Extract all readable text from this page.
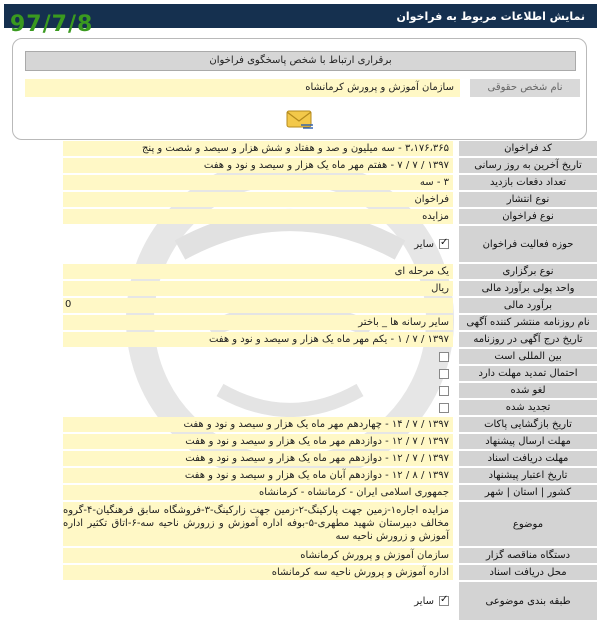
نمایش اطلاعات مربوط به فراخوان
97/7/8
برقراری ارتباط با شخص پاسخگوی فراخوان
نام شخص حقوقی
سازمان آموزش و پرورش کرمانشاه
کد فراخوان
۳،۱۷۶،۳۶۵ - سه میلیون و صد و هفتاد و شش هزار و سیصد و شصت و پنج
تاریخ آخرین به روز رسانی
۱۳۹۷ / ۷ / ۷ - هفتم مهر ماه یک هزار و سیصد و نود و هفت
تعداد دفعات بازدید
۳ - سه
نوع انتشار
فراخوان
نوع فراخوان
مزایده
حوزه فعالیت فراخوان
✓
سایر
نوع برگزاری
یک مرحله ای
واحد پولی برآورد مالی
ریال
برآورد مالی
0
نام روزنامه منتشر کننده آگهی
سایر رسانه ها _ باختر
تاریخ درج آگهی در روزنامه
۱۳۹۷ / ۷ / ۱ - یکم مهر ماه یک هزار و سیصد و نود و هفت
بین المللی است
احتمال تمدید مهلت دارد
لغو شده
تجدید شده
تاریخ بازگشایی پاکات
۱۳۹۷ / ۷ / ۱۴ - چهاردهم مهر ماه یک هزار و سیصد و نود و هفت
مهلت ارسال پیشنهاد
۱۳۹۷ / ۷ / ۱۲ - دوازدهم مهر ماه یک هزار و سیصد و نود و هفت
مهلت دریافت اسناد
۱۳۹۷ / ۷ / ۱۲ - دوازدهم مهر ماه یک هزار و سیصد و نود و هفت
تاریخ اعتبار پیشنهاد
۱۳۹۷ / ۸ / ۱۲ - دوازدهم آبان ماه یک هزار و سیصد و نود و هفت
کشور | استان | شهر
جمهوری اسلامی ایران - کرمانشاه - کرمانشاه
موضوع
مزایده اجاره۱-زمین جهت پارکینگ-۲-زمین جهت زارکینگ-۳-فروشگاه سابق فرهنگیان-۴-گروه مخالف دبیرستان شهید مطهری-۵-بوفه اداره آموزش و زرورش ناحیه سه-۶-اتاق تکثیر اداره آموزش و زرورش ناحیه سه
دستگاه مناقصه گزار
سازمان آموزش و پرورش کرمانشاه
محل دریافت اسناد
اداره آموزش و پرورش ناحیه سه کرمانشاه
طبقه بندی موضوعی
✓
سایر
